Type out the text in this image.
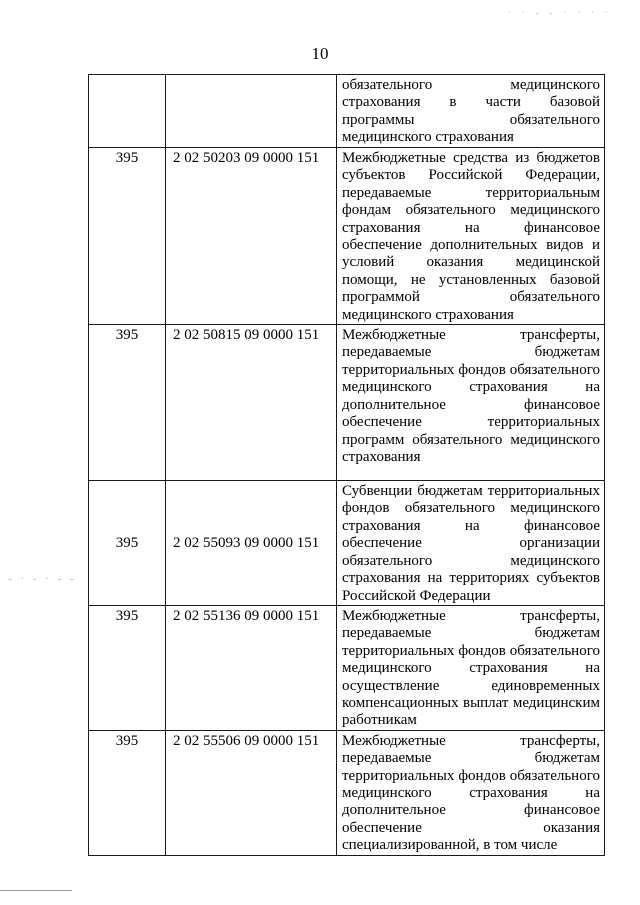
· · - - · · · ·
10
		обязательного медицинского страхования в части базовой программы обязательного медицинского страхования
395	2 02 50203 09 0000 151	Межбюджетные средства из бюджетов субъектов Российской Федерации, передаваемые территориальным фондам обязательного медицинского страхования на финансовое обеспечение дополнительных видов и условий оказания медицинской помощи, не установленных базовой программой обязательного медицинского страхования
395	2 02 50815 09 0000 151	Межбюджетные трансферты, передаваемые бюджетам территориальных фондов обязательного медицинского страхования на дополнительное финансовое обеспечение территориальных программ обязательного медицинского страхования
395	2 02 55093 09 0000 151	Субвенции бюджетам территориальных фондов обязательного медицинского страхования на финансовое обеспечение организации обязательного медицинского страхования на территориях субъектов Российской Федерации
395	2 02 55136 09 0000 151	Межбюджетные трансферты, передаваемые бюджетам территориальных фондов обязательного медицинского страхования на осуществление единовременных компенсационных выплат медицинским работникам
395	2 02 55506 09 0000 151	Межбюджетные трансферты, передаваемые бюджетам территориальных фондов обязательного медицинского страхования на дополнительное финансовое обеспечение оказания специализированной, в том числе
- · - · - -
